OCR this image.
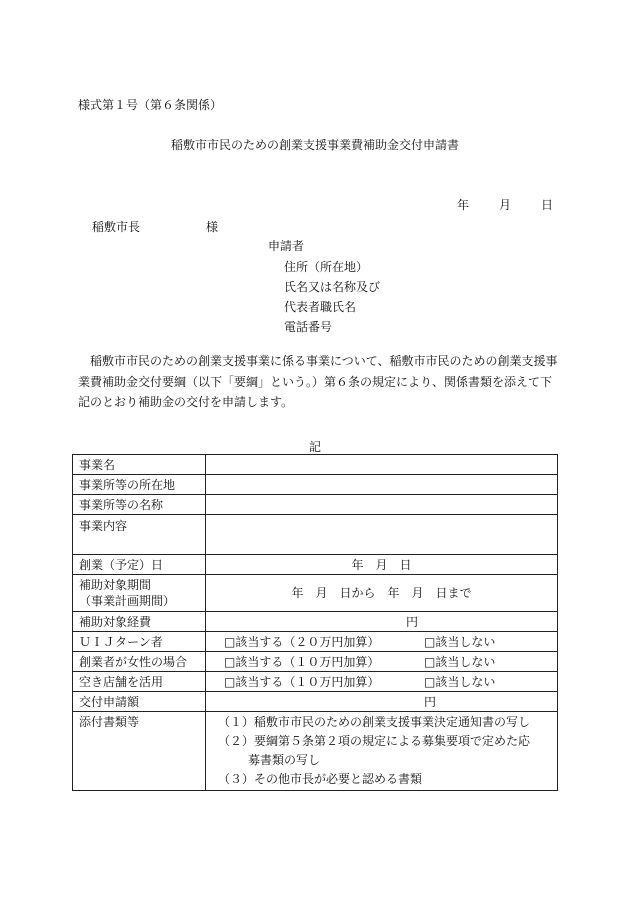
様式第１号（第６条関係）
稲敷市市民のための創業支援事業費補助金交付申請書
年	月	日
稲敷市長	様
申請者
住所（所在地）
氏名又は名称及び
代表者職氏名
電話番号
稲敷市市民のための創業支援事業に係る事業について、稲敷市市民のための創業支援事業費補助金交付要綱（以下「要綱」という。）第６条の規定により、関係書類を添えて下記のとおり補助金の交付を申請します。
記
事業名	
事業所等の所在地	
事業所等の名称	
事業内容	
創業（予定）日	年　月　日

補助対象期間
（事業計画期間）	年　月　日から　年　月　日まで
補助対象経費	円
ＵＩＪターン者	□該当する（２０万円加算） □該当しない
創業者が女性の場合	□該当する（１０万円加算） □該当しない
空き店舗を活用	□該当する（１０万円加算） □該当しない
交付申請額	円
添付書類等	（１）稲敷市市民のための創業支援事業決定通知書の写し
（２）要綱第５条第２項の規定による募集要項で定めた応
募書類の写し
（３）その他市長が必要と認める書類
